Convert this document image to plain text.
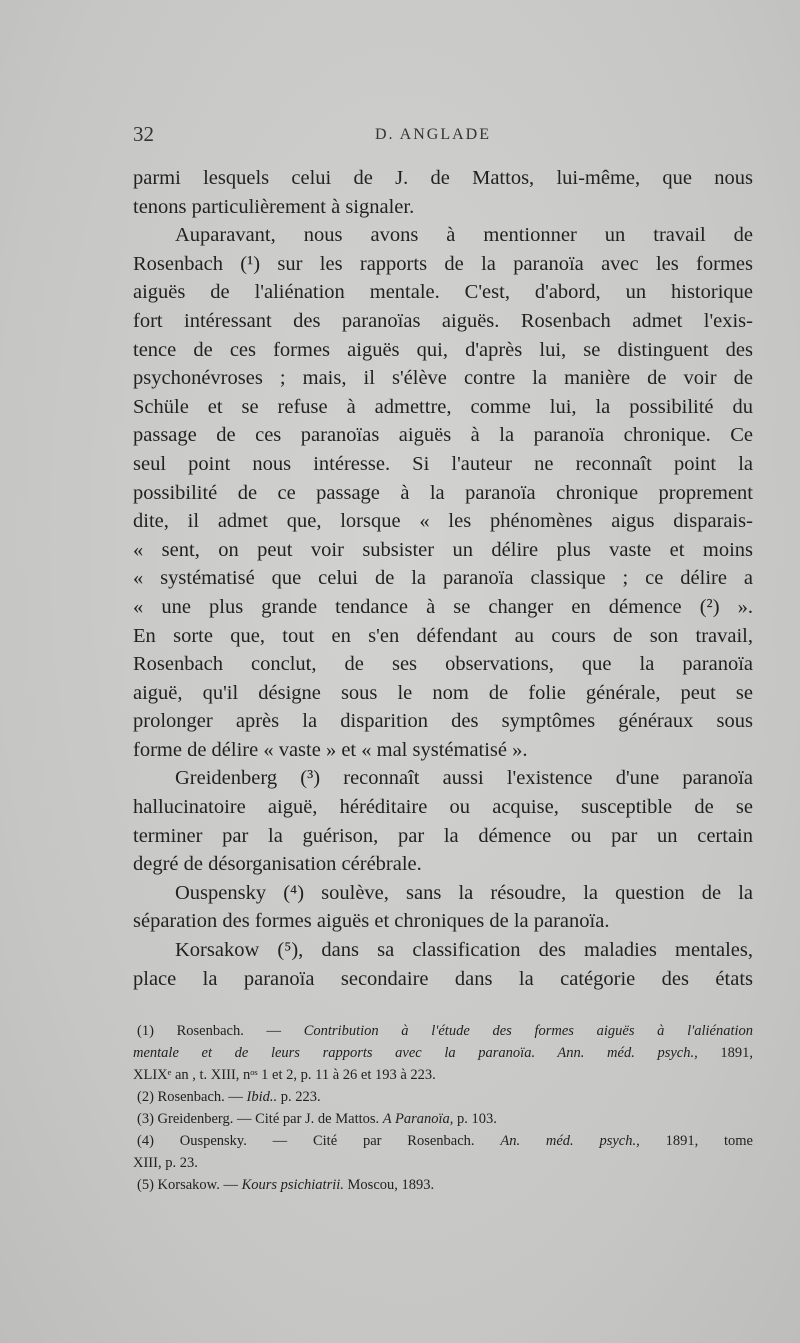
32	D. ANGLADE
parmi lesquels celui de J. de Mattos, lui-même, que nous
tenons particulièrement à signaler.
Auparavant, nous avons à mentionner un travail de
Rosenbach (¹) sur les rapports de la paranoïa avec les formes
aiguës de l'aliénation mentale. C'est, d'abord, un historique
fort intéressant des paranoïas aiguës. Rosenbach admet l'exis-
tence de ces formes aiguës qui, d'après lui, se distinguent des
psychonévroses ; mais, il s'élève contre la manière de voir de
Schüle et se refuse à admettre, comme lui, la possibilité du
passage de ces paranoïas aiguës à la paranoïa chronique. Ce
seul point nous intéresse. Si l'auteur ne reconnaît point la
possibilité de ce passage à la paranoïa chronique proprement
dite, il admet que, lorsque « les phénomènes aigus disparais-
« sent, on peut voir subsister un délire plus vaste et moins
« systématisé que celui de la paranoïa classique ; ce délire a
« une plus grande tendance à se changer en démence (²) ».
En sorte que, tout en s'en défendant au cours de son travail,
Rosenbach conclut, de ses observations, que la paranoïa
aiguë, qu'il désigne sous le nom de folie générale, peut se
prolonger après la disparition des symptômes généraux sous
forme de délire « vaste » et « mal systématisé ».
Greidenberg (³) reconnaît aussi l'existence d'une paranoïa
hallucinatoire aiguë, héréditaire ou acquise, susceptible de se
terminer par la guérison, par la démence ou par un certain
degré de désorganisation cérébrale.
Ouspensky (⁴) soulève, sans la résoudre, la question de la
séparation des formes aiguës et chroniques de la paranoïa.
Korsakow (⁵), dans sa classification des maladies mentales,
place la paranoïa secondaire dans la catégorie des états
(1) Rosenbach. — Contribution à l'étude des formes aiguës à l'aliénation
mentale et de leurs rapports avec la paranoïa. Ann. méd. psych., 1891,
XLIXᵉ an , t. XIII, nᵒˢ 1 et 2, p. 11 à 26 et 193 à 223.
(2) Rosenbach. — Ibid.. p. 223.
(3) Greidenberg. — Cité par J. de Mattos. A Paranoïa, p. 103.
(4) Ouspensky. — Cité par Rosenbach. An. méd. psych., 1891, tome
XIII, p. 23.
(5) Korsakow. — Kours psichiatrii. Moscou, 1893.
